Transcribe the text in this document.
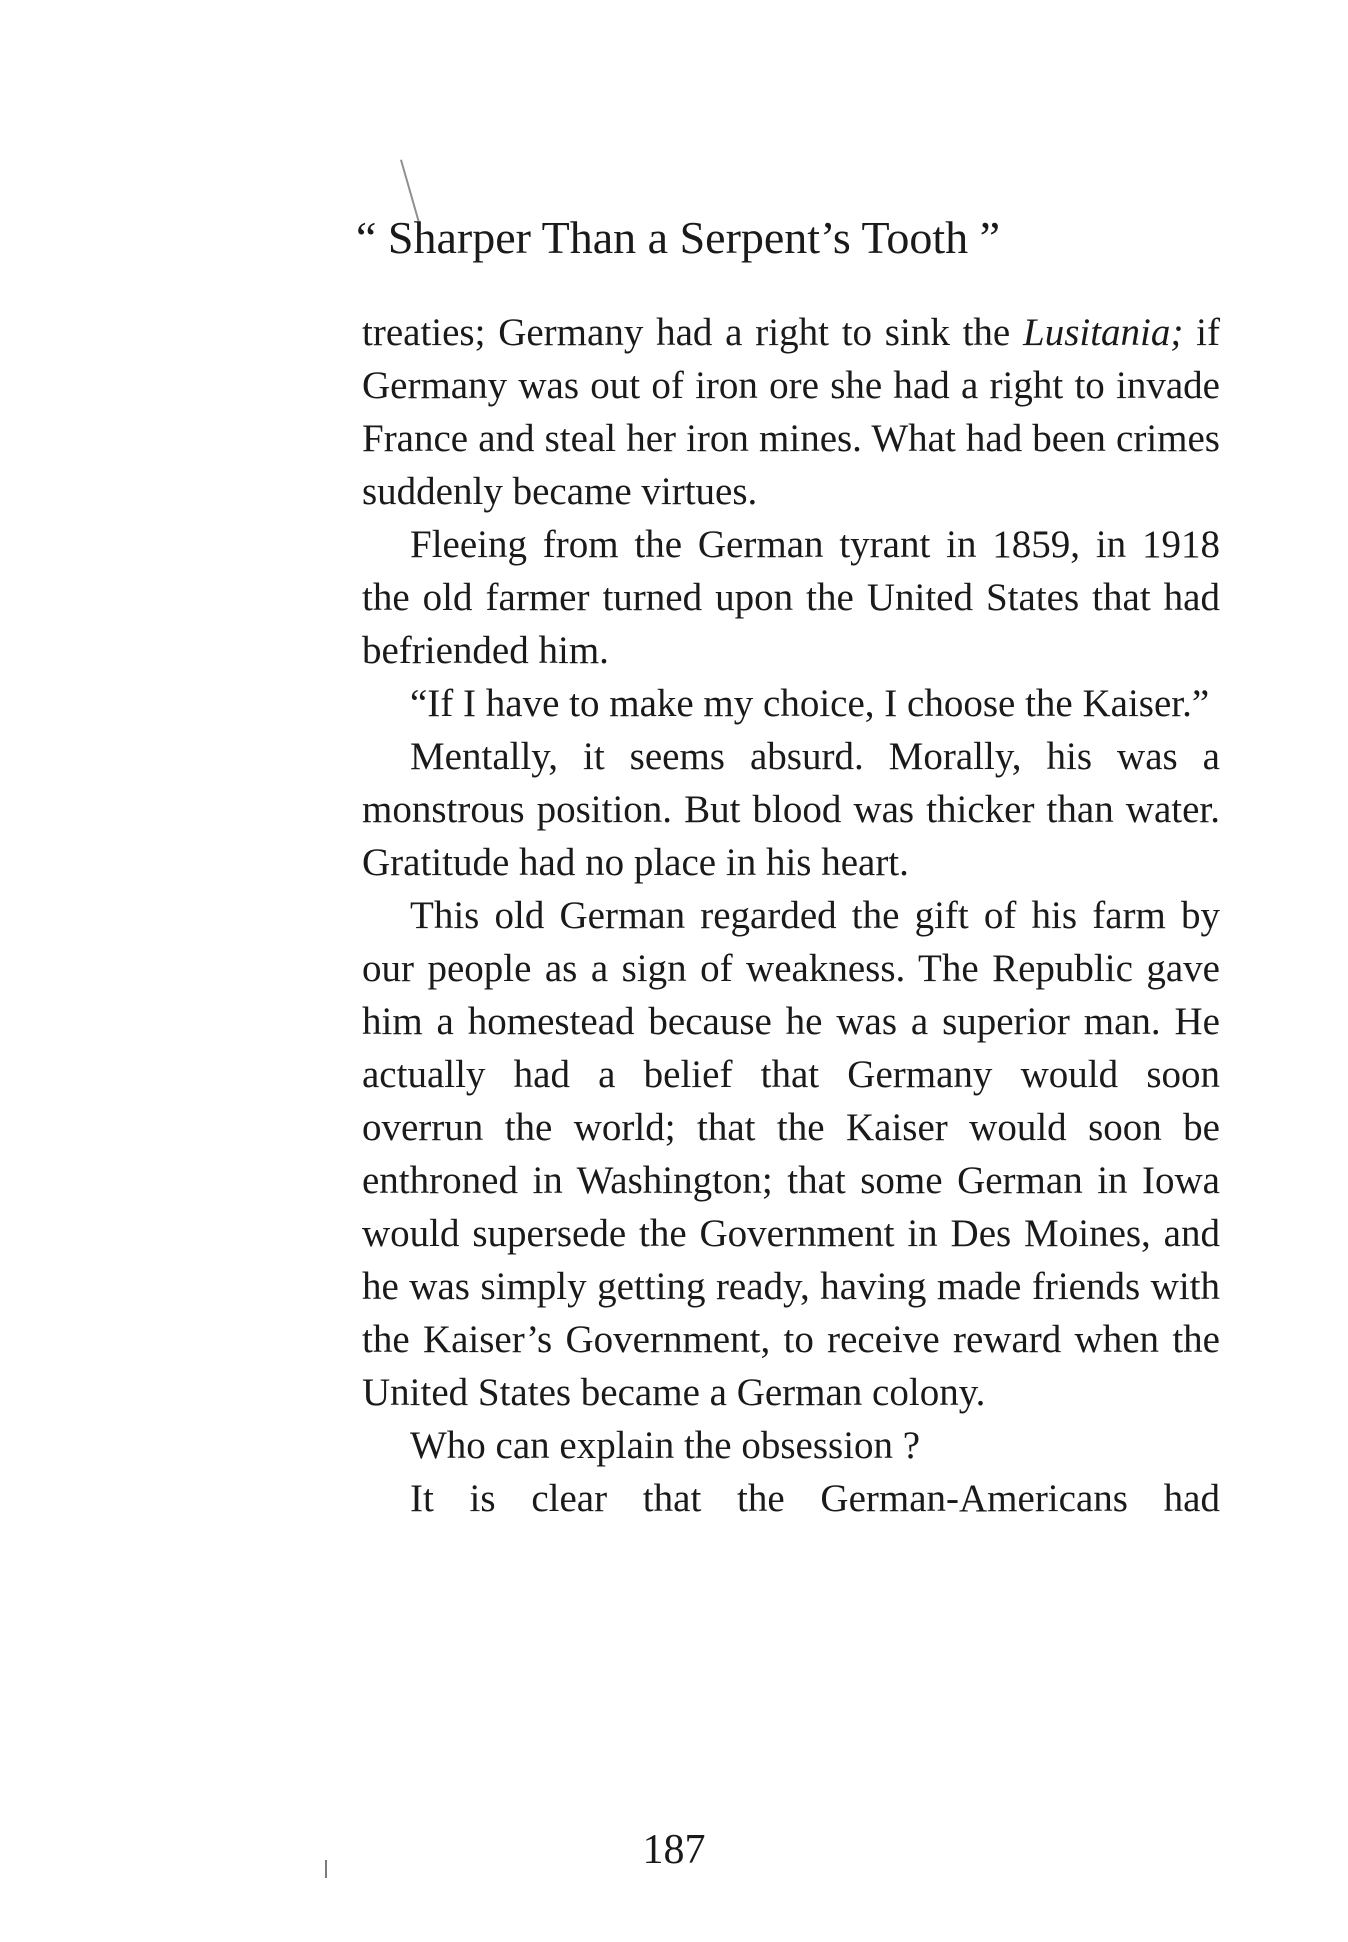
“ Sharper Than a Serpent’s Tooth ”

treaties; Germany had a right to sink the Lusitania; if Germany was out of iron ore she had a right to invade France and steal her iron mines. What had been crimes suddenly became virtues.

Fleeing from the German tyrant in 1859, in 1918 the old farmer turned upon the United States that had befriended him.

“If I have to make my choice, I choose the Kaiser.”

Mentally, it seems absurd. Morally, his was a monstrous position. But blood was thicker than water. Gratitude had no place in his heart.

This old German regarded the gift of his farm by our people as a sign of weakness. The Republic gave him a homestead because he was a superior man. He actually had a belief that Germany would soon overrun the world; that the Kaiser would soon be enthroned in Washington; that some German in Iowa would supersede the Government in Des Moines, and he was simply getting ready, having made friends with the Kaiser’s Government, to receive reward when the United States became a German colony.

Who can explain the obsession ?

It is clear that the German-Americans had

187
